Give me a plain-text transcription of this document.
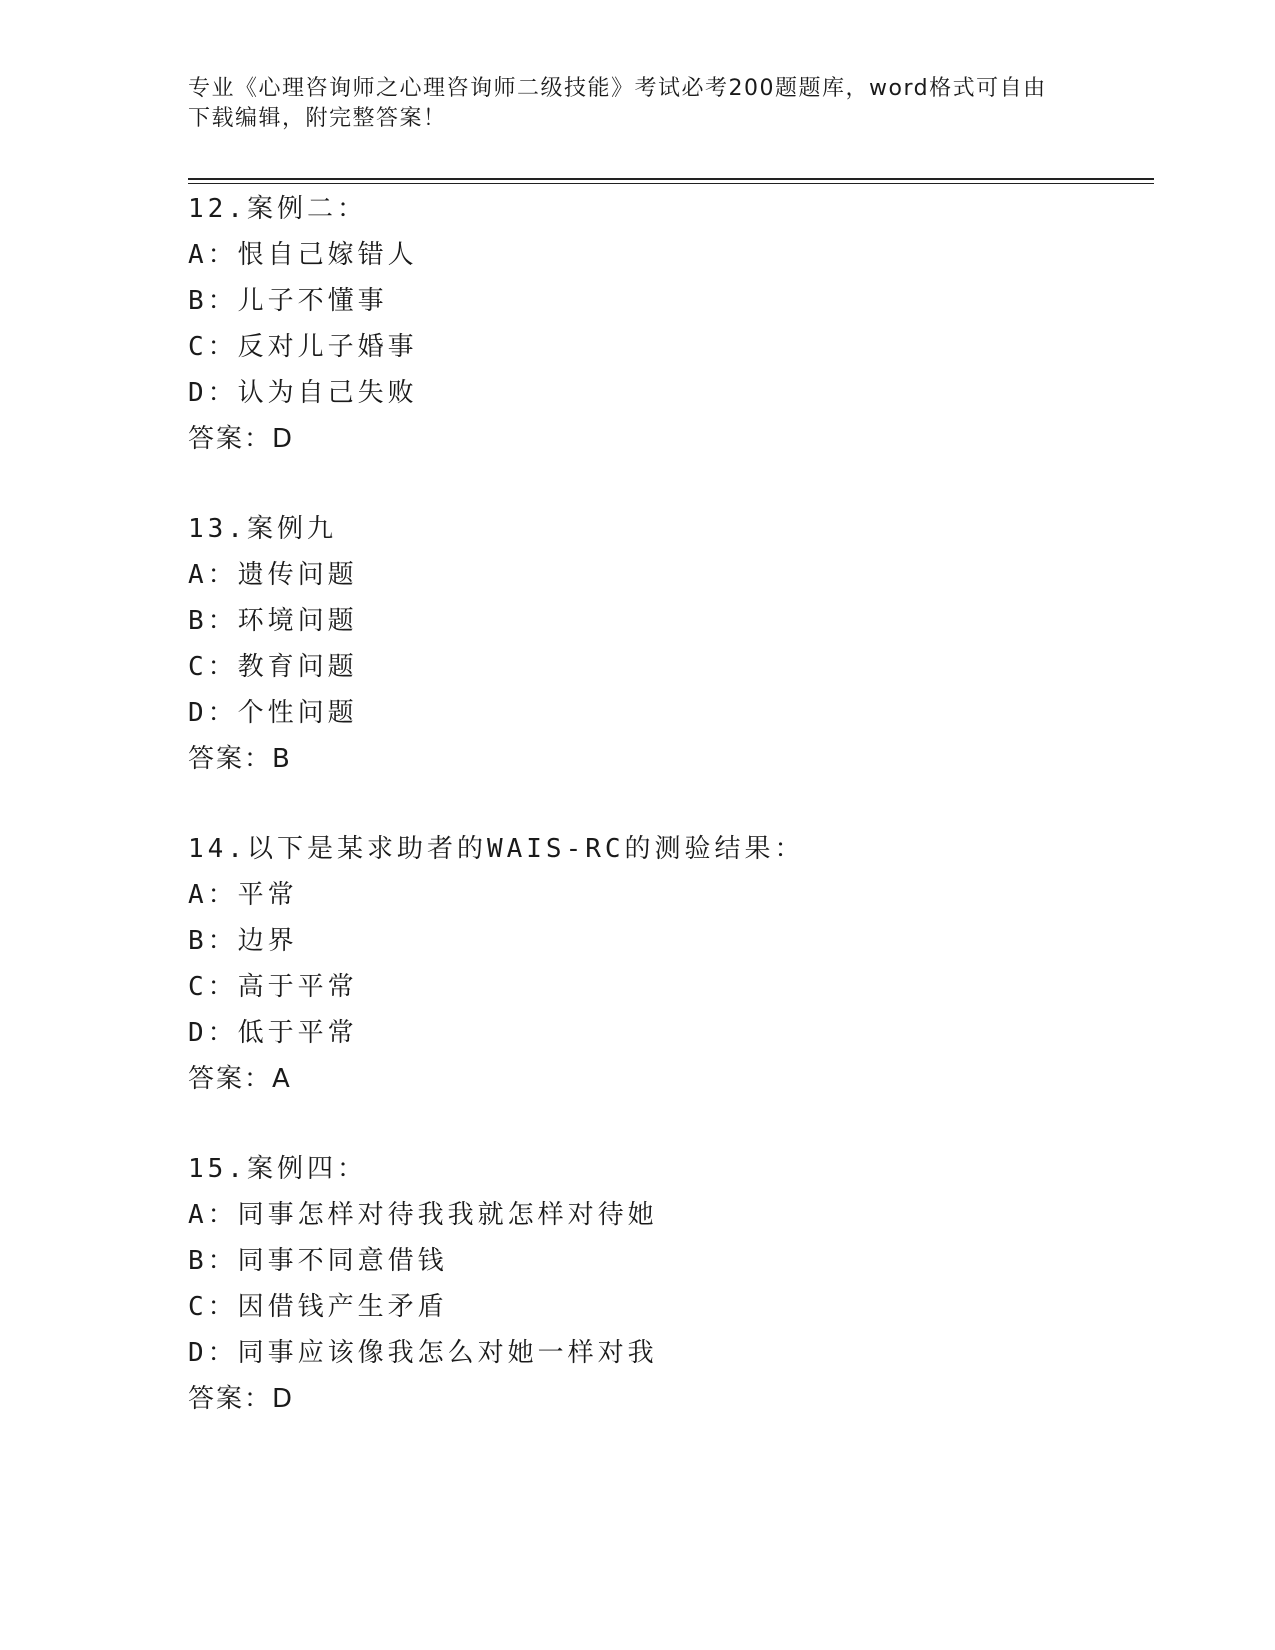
专业《心理咨询师之心理咨询师二级技能》考试必考200题题库，word格式可自由下载编辑，附完整答案！
12.案例二：
A：恨自己嫁错人
B：儿子不懂事
C：反对儿子婚事
D：认为自己失败
答案：D
13.案例九
A：遗传问题
B：环境问题
C：教育问题
D：个性问题
答案：B
14.以下是某求助者的WAIS-RC的测验结果：
A：平常
B：边界
C：高于平常
D：低于平常
答案：A
15.案例四：
A：同事怎样对待我我就怎样对待她
B：同事不同意借钱
C：因借钱产生矛盾
D：同事应该像我怎么对她一样对我
答案：D
